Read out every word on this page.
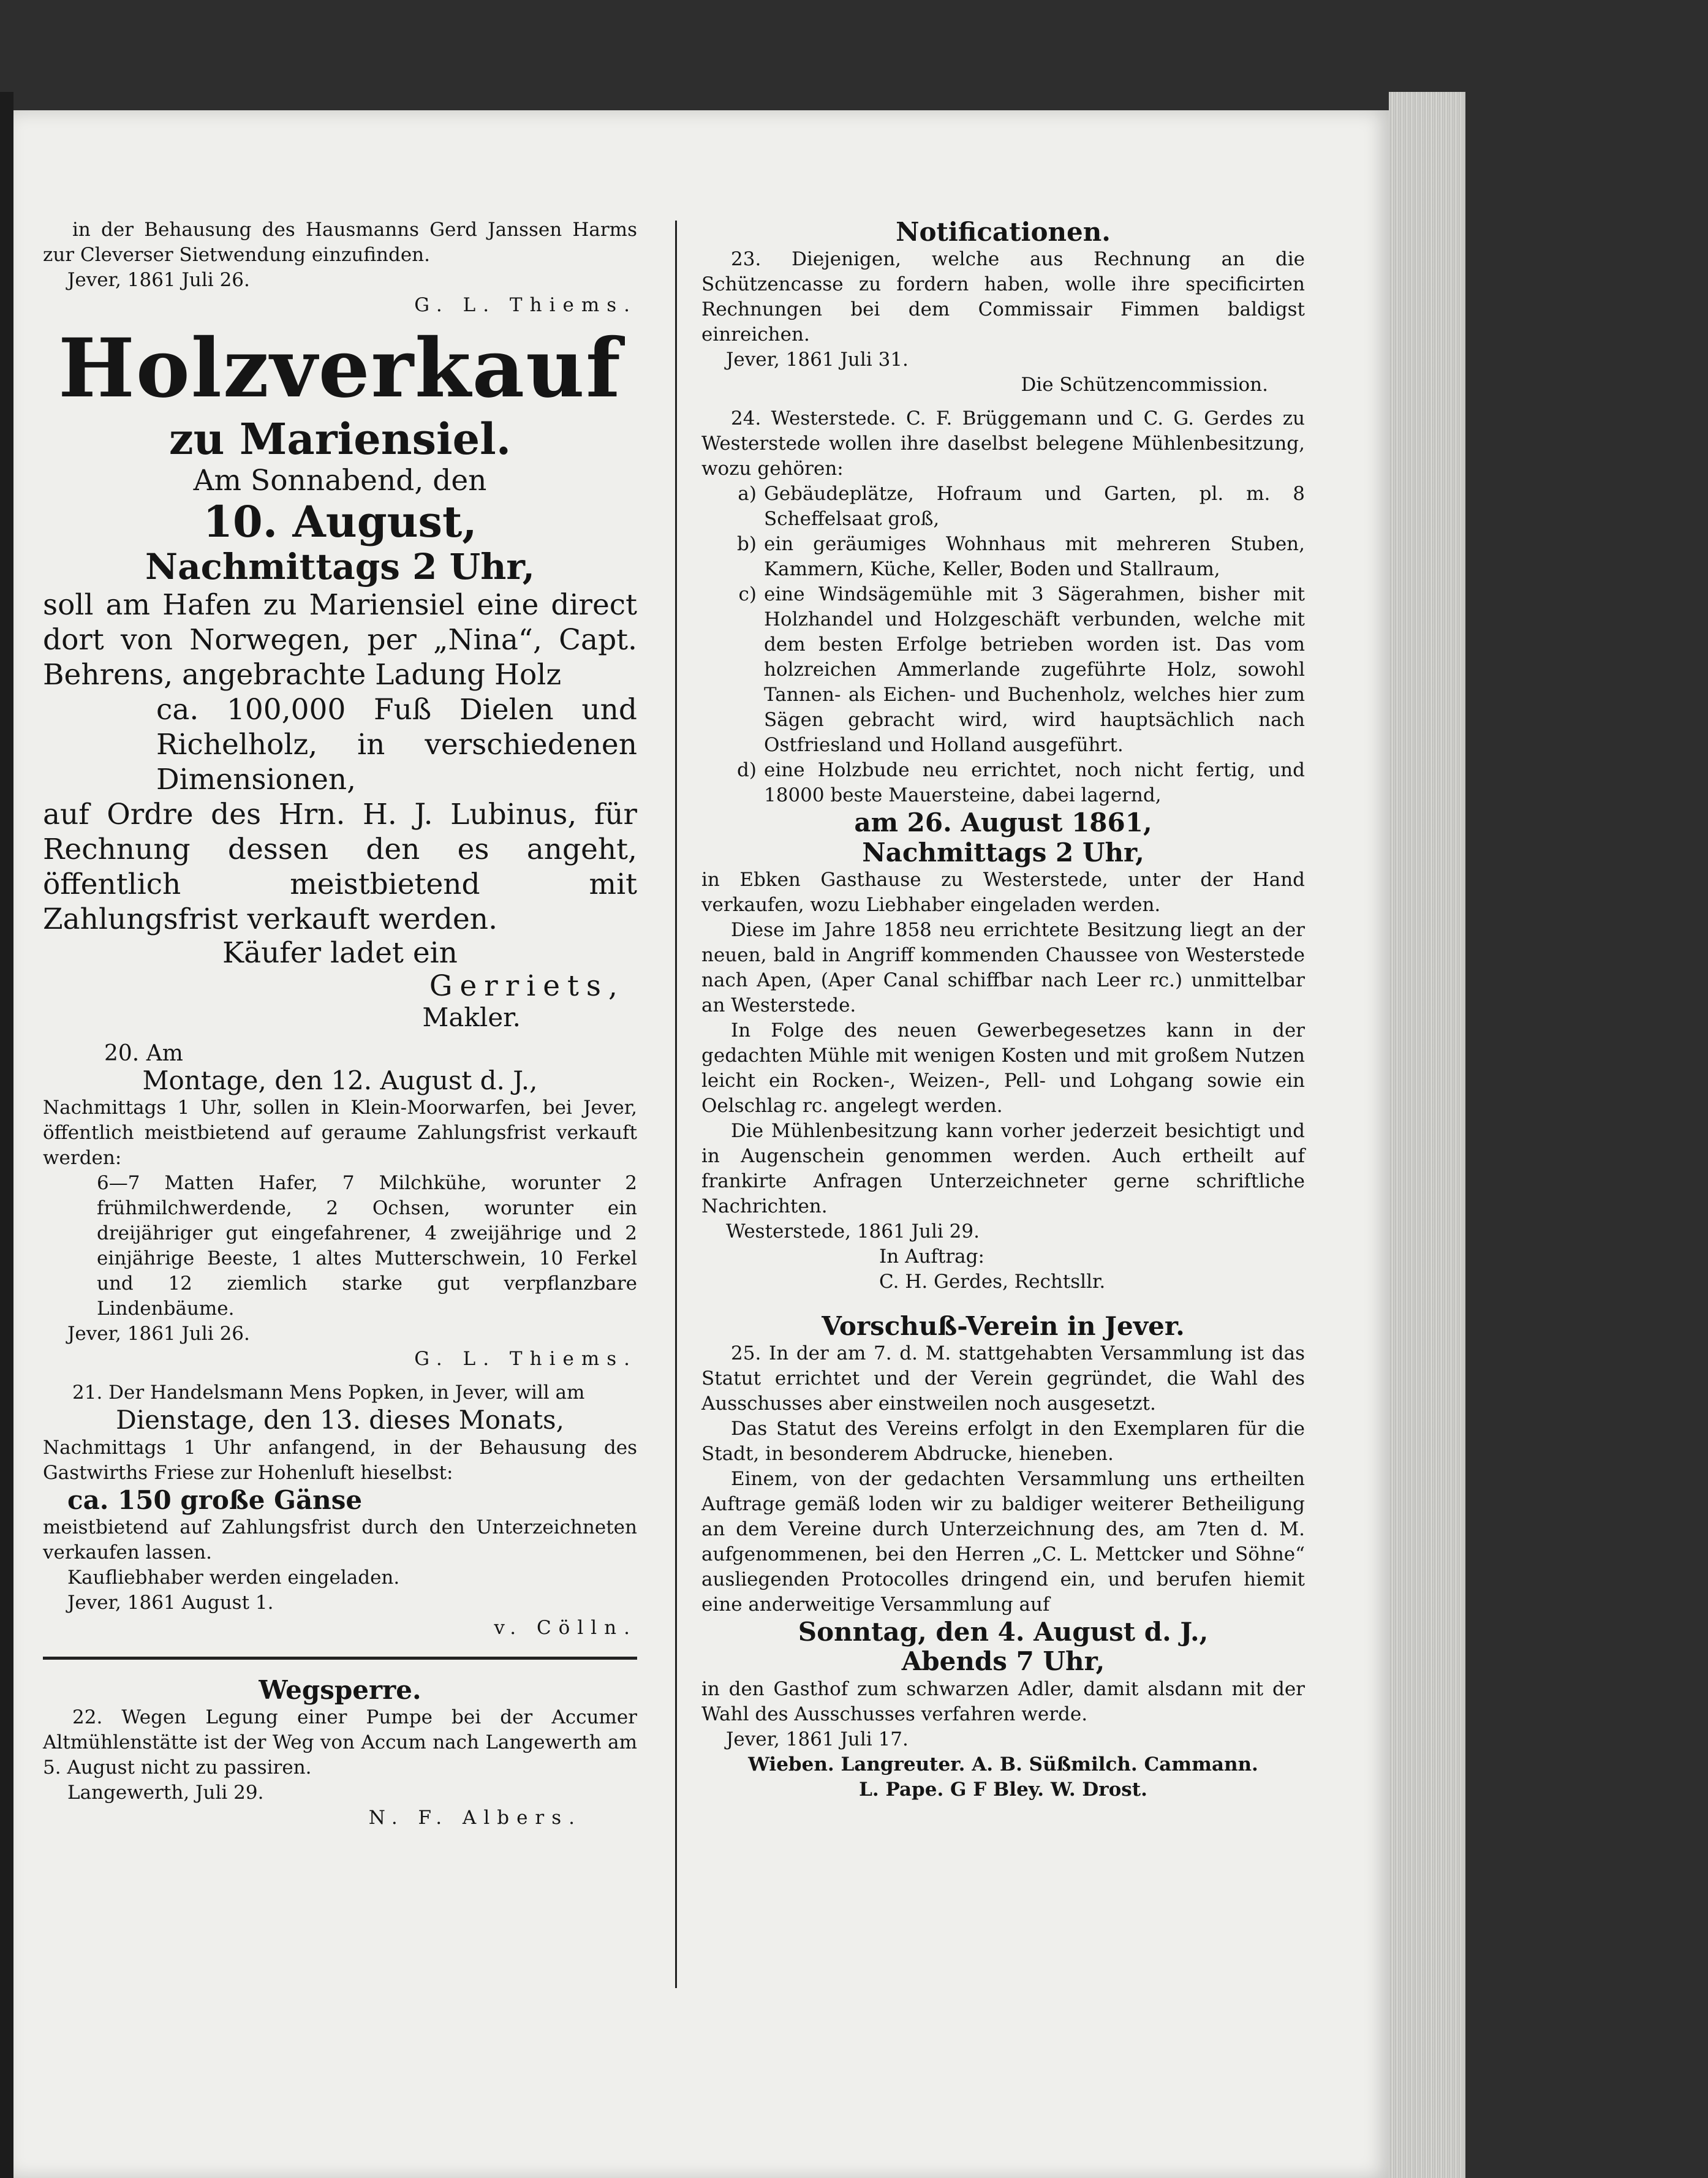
in der Behausung des Hausmanns Gerd Janssen Harms zur Cleverser Sietwendung einzufinden.

Jever, 1861 Juli 26.

G. L. Thiems.

Holzverkauf

zu Mariensiel.

Am Sonnabend, den

10. August,

Nachmittags 2 Uhr,

soll am Hafen zu Mariensiel eine direct dort von Norwegen, per „Nina“, Capt. Behrens, angebrachte Ladung Holz

ca. 100,000 Fuß Dielen und Richelholz, in verschiedenen Dimensionen,

auf Ordre des Hrn. H. J. Lubinus, für Rechnung dessen den es angeht, öffentlich meistbietend mit Zahlungsfrist verkauft werden.

Käufer ladet ein

Gerriets,

Makler.

20. Am

Montage, den 12. August d. J.,

Nachmittags 1 Uhr, sollen in Klein-Moorwarfen, bei Jever, öffentlich meistbietend auf geraume Zahlungsfrist verkauft werden:

6—7 Matten Hafer, 7 Milchkühe, worunter 2 frühmilchwerdende, 2 Ochsen, worunter ein dreijähriger gut eingefahrener, 4 zweijährige und 2 einjährige Beeste, 1 altes Mutterschwein, 10 Ferkel und 12 ziemlich starke gut verpflanzbare Lindenbäume.

Jever, 1861 Juli 26.

G. L. Thiems.

21. Der Handelsmann Mens Popken, in Jever, will am

Dienstage, den 13. dieses Monats,

Nachmittags 1 Uhr anfangend, in der Behausung des Gastwirths Friese zur Hohenluft hieselbst:

ca. 150 große Gänse

meistbietend auf Zahlungsfrist durch den Unterzeichneten verkaufen lassen.

Kaufliebhaber werden eingeladen.

Jever, 1861 August 1.

v. Cölln.

Wegsperre.

22. Wegen Legung einer Pumpe bei der Accumer Altmühlenstätte ist der Weg von Accum nach Langewerth am 5. August nicht zu passiren.

Langewerth, Juli 29.

N. F. Albers.

Notificationen.

23. Diejenigen, welche aus Rechnung an die Schützencasse zu fordern haben, wolle ihre specificirten Rechnungen bei dem Commissair Fimmen baldigst einreichen.

Jever, 1861 Juli 31.

Die Schützencommission.

24. Westerstede. C. F. Brüggemann und C. G. Gerdes zu Westerstede wollen ihre daselbst belegene Mühlenbesitzung, wozu gehören:

a) Gebäudeplätze, Hofraum und Garten, pl. m. 8 Scheffelsaat groß,
b) ein geräumiges Wohnhaus mit mehreren Stuben, Kammern, Küche, Keller, Boden und Stallraum,
c) eine Windsägemühle mit 3 Sägerahmen, bisher mit Holzhandel und Holzgeschäft verbunden, welche mit dem besten Erfolge betrieben worden ist. Das vom holzreichen Ammerlande zugeführte Holz, sowohl Tannen- als Eichen- und Buchenholz, welches hier zum Sägen gebracht wird, wird hauptsächlich nach Ostfriesland und Holland ausgeführt.
d) eine Holzbude neu errichtet, noch nicht fertig, und 18000 beste Mauersteine, dabei lagernd,

am 26. August 1861,

Nachmittags 2 Uhr,

in Ebken Gasthause zu Westerstede, unter der Hand verkaufen, wozu Liebhaber eingeladen werden.

Diese im Jahre 1858 neu errichtete Besitzung liegt an der neuen, bald in Angriff kommenden Chaussee von Westerstede nach Apen, (Aper Canal schiffbar nach Leer rc.) unmittelbar an Westerstede.

In Folge des neuen Gewerbegesetzes kann in der gedachten Mühle mit wenigen Kosten und mit großem Nutzen leicht ein Rocken-, Weizen-, Pell- und Lohgang sowie ein Oelschlag rc. angelegt werden.

Die Mühlenbesitzung kann vorher jederzeit besichtigt und in Augenschein genommen werden. Auch ertheilt auf frankirte Anfragen Unterzeichneter gerne schriftliche Nachrichten.

Westerstede, 1861 Juli 29.

In Auftrag:

C. H. Gerdes, Rechtsllr.

Vorschuß-Verein in Jever.

25. In der am 7. d. M. stattgehabten Versammlung ist das Statut errichtet und der Verein gegründet, die Wahl des Ausschusses aber einstweilen noch ausgesetzt.

Das Statut des Vereins erfolgt in den Exemplaren für die Stadt, in besonderem Abdrucke, hieneben.

Einem, von der gedachten Versammlung uns ertheilten Auftrage gemäß loden wir zu baldiger weiterer Betheiligung an dem Vereine durch Unterzeichnung des, am 7ten d. M. aufgenommenen, bei den Herren „C. L. Mettcker und Söhne“ ausliegenden Protocolles dringend ein, und berufen hiemit eine anderweitige Versammlung auf

Sonntag, den 4. August d. J.,

Abends 7 Uhr,

in den Gasthof zum schwarzen Adler, damit alsdann mit der Wahl des Ausschusses verfahren werde.

Jever, 1861 Juli 17.

Wieben. Langreuter. A. B. Süßmilch. Cammann.

L. Pape. G F Bley. W. Drost.
